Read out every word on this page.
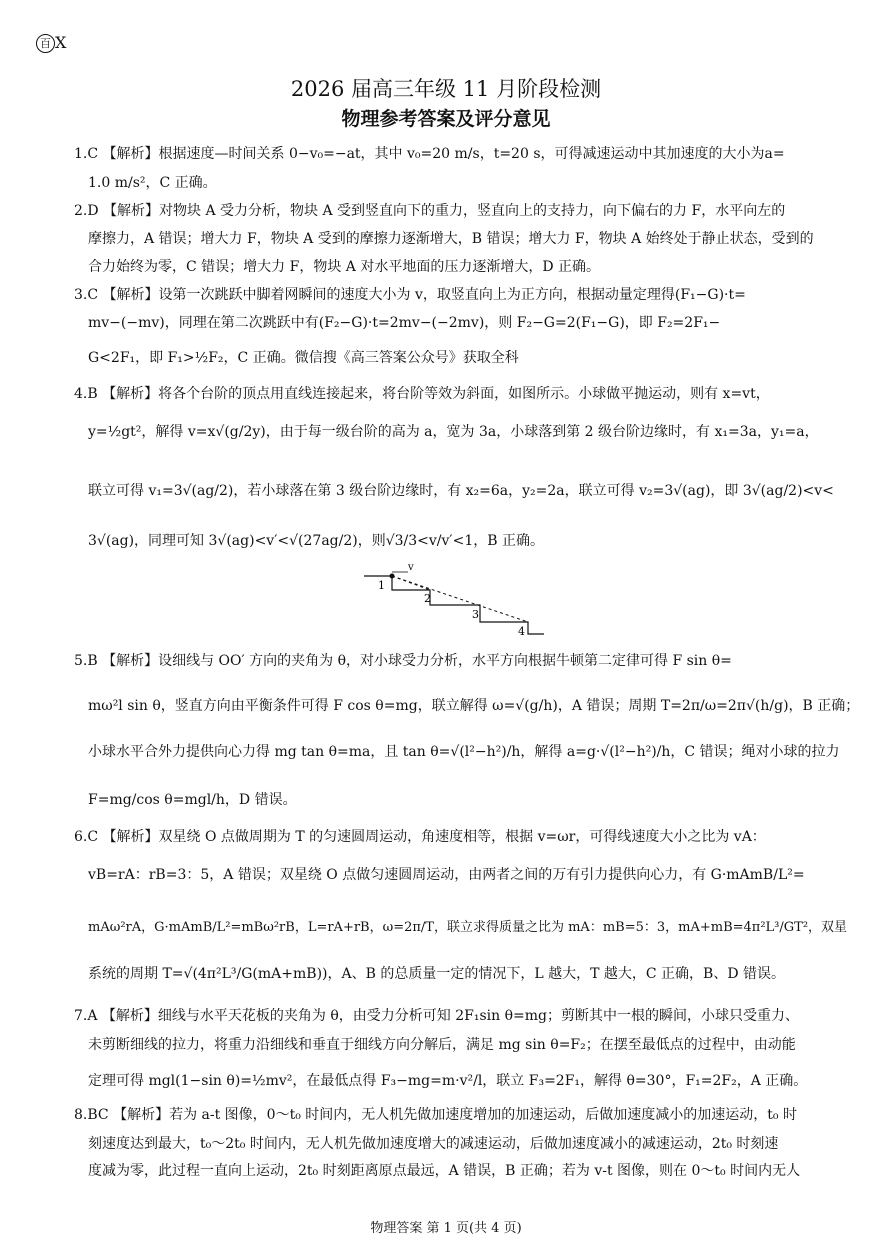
百 X
2026 届高三年级 11 月阶段检测
物理参考答案及评分意见
1.C 【解析】根据速度—时间关系 0−v₀=−at，其中 v₀=20 m/s，t=20 s，可得减速运动中其加速度的大小为a=
1.0 m/s²，C 正确。
2.D 【解析】对物块 A 受力分析，物块 A 受到竖直向下的重力，竖直向上的支持力，向下偏右的力 F，水平向左的
摩擦力，A 错误；增大力 F，物块 A 受到的摩擦力逐渐增大，B 错误；增大力 F，物块 A 始终处于静止状态，受到的
合力始终为零，C 错误；增大力 F，物块 A 对水平地面的压力逐渐增大，D 正确。
3.C 【解析】设第一次跳跃中脚着网瞬间的速度大小为 v，取竖直向上为正方向，根据动量定理得(F₁−G)·t=
mv−(−mv)，同理在第二次跳跃中有(F₂−G)·t=2mv−(−2mv)，则 F₂−G=2(F₁−G)，即 F₂=2F₁−
G<2F₁，即 F₁>½F₂，C 正确。微信搜《高三答案公众号》获取全科
4.B 【解析】将各个台阶的顶点用直线连接起来，将台阶等效为斜面，如图所示。小球做平抛运动，则有 x=vt，
y=½gt²，解得 v=x√(g/2y)，由于每一级台阶的高为 a，宽为 3a，小球落到第 2 级台阶边缘时，有 x₁=3a，y₁=a，
联立可得 v₁=3√(ag/2)，若小球落在第 3 级台阶边缘时，有 x₂=6a，y₂=2a，联立可得 v₂=3√(ag)，即 3√(ag/2)<v<
3√(ag)，同理可知 3√(ag)<v′<√(27ag/2)，则√3/3<v/v′<1，B 正确。
v
1
2
3
4
5.B 【解析】设细线与 OO′ 方向的夹角为 θ，对小球受力分析，水平方向根据牛顿第二定律可得 F sin θ=
mω²l sin θ，竖直方向由平衡条件可得 F cos θ=mg，联立解得 ω=√(g/h)，A 错误；周期 T=2π/ω=2π√(h/g)，B 正确；
小球水平合外力提供向心力得 mg tan θ=ma，且 tan θ=√(l²−h²)/h，解得 a=g·√(l²−h²)/h，C 错误；绳对小球的拉力
F=mg/cos θ=mgl/h，D 错误。
6.C 【解析】双星绕 O 点做周期为 T 的匀速圆周运动，角速度相等，根据 v=ωr，可得线速度大小之比为 vA：
vB=rA：rB=3：5，A 错误；双星绕 O 点做匀速圆周运动，由两者之间的万有引力提供向心力，有 G·mAmB/L²=
mAω²rA，G·mAmB/L²=mBω²rB，L=rA+rB，ω=2π/T，联立求得质量之比为 mA：mB=5：3，mA+mB=4π²L³/GT²，双星
系统的周期 T=√(4π²L³/G(mA+mB))，A、B 的总质量一定的情况下，L 越大，T 越大，C 正确，B、D 错误。
7.A 【解析】细线与水平天花板的夹角为 θ，由受力分析可知 2F₁sin θ=mg；剪断其中一根的瞬间，小球只受重力、
未剪断细线的拉力，将重力沿细线和垂直于细线方向分解后，满足 mg sin θ=F₂；在摆至最低点的过程中，由动能
定理可得 mgl(1−sin θ)=½mv²，在最低点得 F₃−mg=m·v²/l，联立 F₃=2F₁，解得 θ=30°，F₁=2F₂，A 正确。
8.BC 【解析】若为 a-t 图像，0～t₀ 时间内，无人机先做加速度增加的加速运动，后做加速度减小的加速运动，t₀ 时
刻速度达到最大，t₀～2t₀ 时间内，无人机先做加速度增大的减速运动，后做加速度减小的减速运动，2t₀ 时刻速
度减为零，此过程一直向上运动，2t₀ 时刻距离原点最远，A 错误，B 正确；若为 v-t 图像，则在 0～t₀ 时间内无人
物理答案 第 1 页(共 4 页)
